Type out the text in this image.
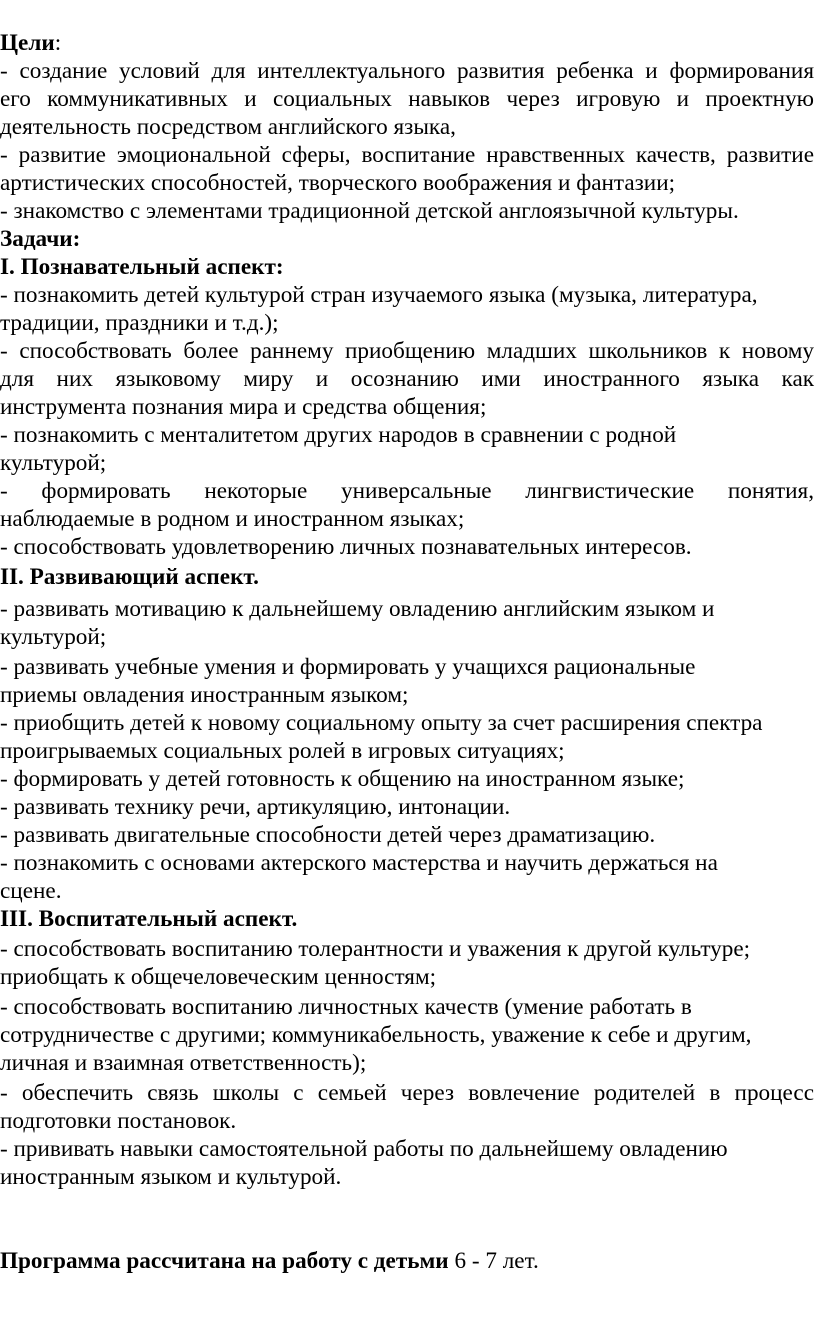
Цели:
- создание условий для интеллектуального развития ребенка и формирования
его коммуникативных и социальных навыков через игровую и проектную
деятельность посредством английского языка,
- развитие эмоциональной сферы, воспитание нравственных качеств, развитие
артистических способностей, творческого воображения и фантазии;
- знакомство с элементами традиционной детской англоязычной культуры.
Задачи:
I. Познавательный аспект:
- познакомить детей культурой стран изучаемого языка (музыка, литература,
традиции, праздники и т.д.);
- способствовать более раннему приобщению младших школьников к новому
для них языковому миру и осознанию ими иностранного языка как
инструмента познания мира и средства общения;
- познакомить с менталитетом других народов в сравнении с родной
культурой;
- формировать некоторые универсальные лингвистические понятия,
наблюдаемые в родном и иностранном языках;
- способствовать удовлетворению личных познавательных интересов.
II. Развивающий аспект.
- развивать мотивацию к дальнейшему овладению английским языком и
культурой;
- развивать учебные умения и формировать у учащихся рациональные
приемы овладения иностранным языком;
- приобщить детей к новому социальному опыту за счет расширения спектра
проигрываемых социальных ролей в игровых ситуациях;
- формировать у детей готовность к общению на иностранном языке;
- развивать технику речи, артикуляцию, интонации.
- развивать двигательные способности детей через драматизацию.
- познакомить с основами актерского мастерства и научить держаться на
сцене.
III. Воспитательный аспект.
- способствовать воспитанию толерантности и уважения к другой культуре;
приобщать к общечеловеческим ценностям;
- способствовать воспитанию личностных качеств (умение работать в
сотрудничестве с другими; коммуникабельность, уважение к себе и другим,
личная и взаимная ответственность);
- обеспечить связь школы с семьей через вовлечение родителей в процесс
подготовки постановок.
- прививать навыки самостоятельной работы по дальнейшему овладению
иностранным языком и культурой.
Программа рассчитана на работу с детьми 6 - 7 лет.
